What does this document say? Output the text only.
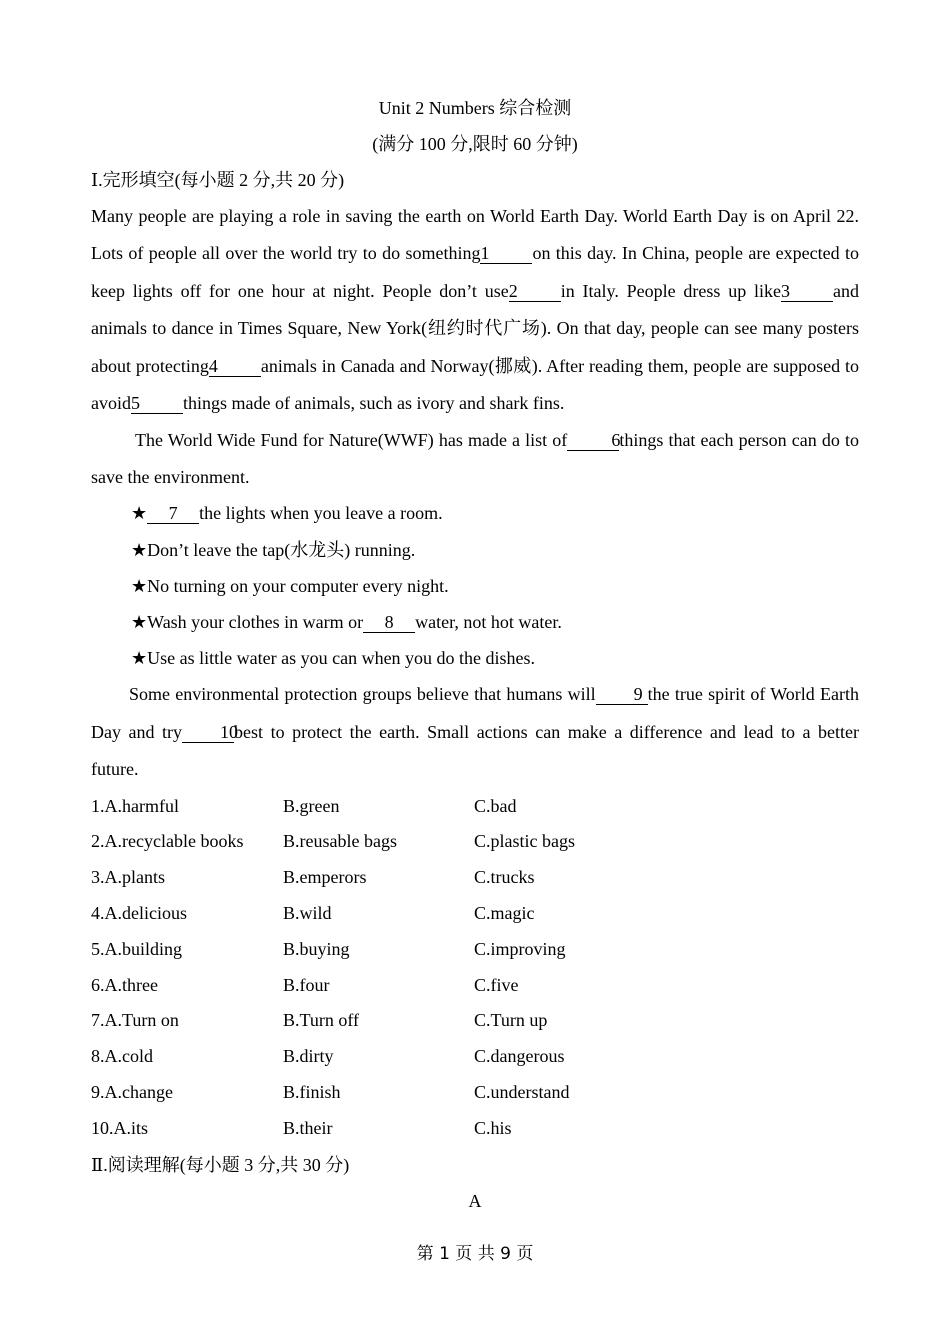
Unit 2 Numbers 综合检测
(满分 100 分,限时 60 分钟)
Ⅰ.完形填空(每小题 2 分,共 20 分)

Many people are playing a role in saving the earth on World Earth Day. World Earth Day is on April 22. Lots of people all over the world try to do something1 on this day. In China, people are expected to keep lights off for one hour at night. People don’t use2 in Italy. People dress up like3 and animals to dance in Times Square, New York(纽约时代广场). On that day, people can see many posters about protecting4 animals in Canada and Norway(挪威). After reading them, people are supposed to avoid5 things made of animals, such as ivory and shark fins.

The World Wide Fund for Nature(WWF) has made a list of 6things that each person can do to save the environment.

★ 7 the lights when you leave a room.
★Don’t leave the tap(水龙头) running.
★No turning on your computer every night.
★Wash your clothes in warm or 8 water, not hot water.
★Use as little water as you can when you do the dishes.

Some environmental protection groups believe that humans will 9 the true spirit of World Earth Day and try 10best to protect the earth. Small actions can make a difference and lead to a better future.

1.A.harmful	B.green	C.bad
2.A.recyclable books	B.reusable bags	C.plastic bags
3.A.plants	B.emperors	C.trucks
4.A.delicious	B.wild	C.magic
5.A.building	B.buying	C.improving
6.A.three	B.four	C.five
7.A.Turn on	B.Turn off	C.Turn up
8.A.cold	B.dirty	C.dangerous
9.A.change	B.finish	C.understand
10.A.its	B.their	C.his
Ⅱ.阅读理解(每小题 3 分,共 30 分)
A
第 1 页 共 9 页
